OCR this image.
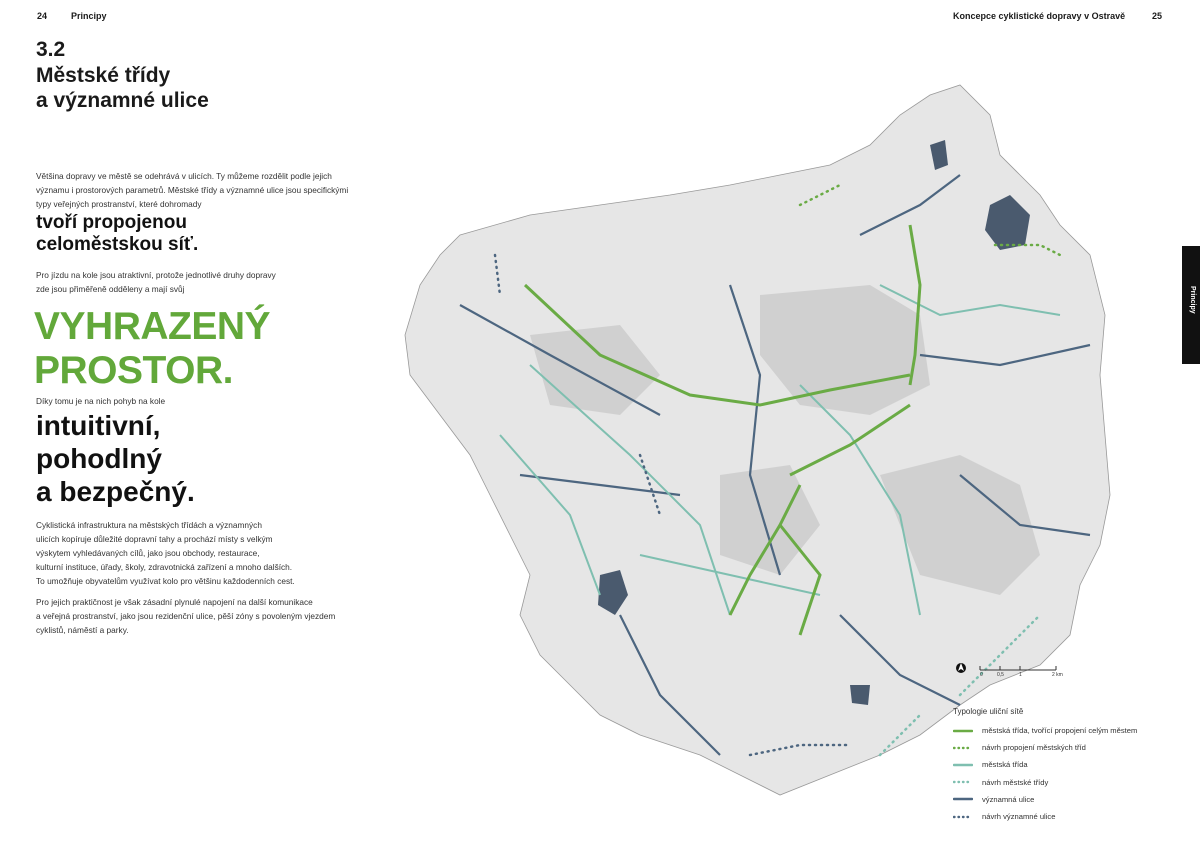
24	Principy	Koncepce cyklistické dopravy v Ostravě	25
3.2
Městské třídy
a významné ulice
Většina dopravy ve městě se odehrává v ulicích. Ty můžeme rozdělit podle jejich
významu i prostorových parametrů. Městské třídy a významné ulice jsou specifickými
typy veřejných prostranství, které dohromady
tvoří propojenou
celoměstskou síť.
Pro jízdu na kole jsou atraktivní, protože jednotlivé druhy dopravy
zde jsou přiměřeně odděleny a mají svůj
VYHRAZENÝ
PROSTOR.
Díky tomu je na nich pohyb na kole
intuitivní,
pohodlný
a bezpečný.
Cyklistická infrastruktura na městských třídách a významných
ulicích kopíruje důležité dopravní tahy a prochází místy s velkým
výskytem vyhledávaných cílů, jako jsou obchody, restaurace,
kulturní instituce, úřady, školy, zdravotnická zařízení a mnoho dalších.
To umožňuje obyvatelům využívat kolo pro většinu každodenních cest.
Pro jejich praktičnost je však zásadní plynulé napojení na další komunikace
a veřejná prostranství, jako jsou rezidenční ulice, pěší zóny s povoleným vjezdem
cyklistů, náměstí a parky.
Principy
0	0,5	1	2 km
Typologie uliční sítě
městská třída, tvořící propojení celým městem
návrh propojení městských tříd
městská třída
návrh městské třídy
významná ulice
návrh významné ulice
